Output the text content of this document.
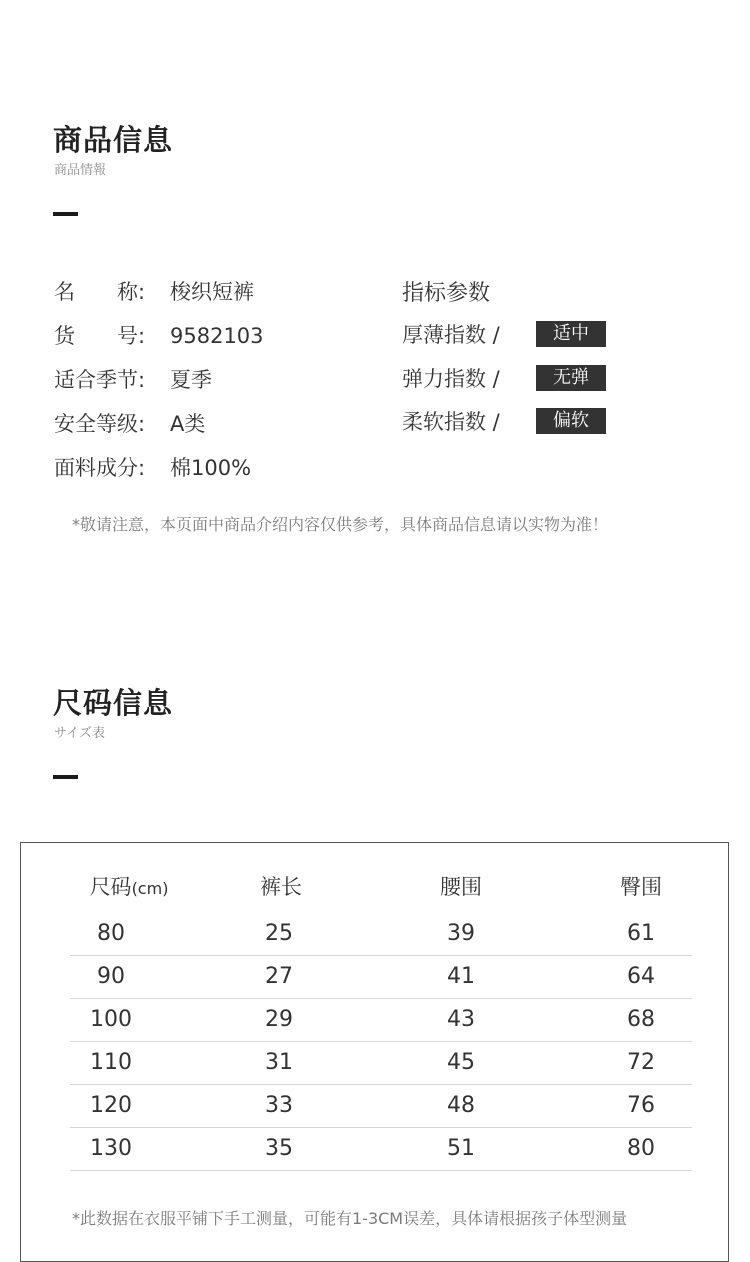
商品信息
商品情報
名　　称: 梭织短裤
货　　号: 9582103
适合季节: 夏季
安全等级: A类
面料成分: 棉100%
指标参数
厚薄指数 /	适中
弹力指数 /	无弹
柔软指数 /	偏软
*敬请注意，本页面中商品介绍内容仅供参考，具体商品信息请以实物为准！
尺码信息
サイズ表
尺码(cm)	裤长	腰围	臀围
80	25	39	61
90	27	41	64
100	29	43	68
110	31	45	72
120	33	48	76
130	35	51	80
*此数据在衣服平铺下手工测量，可能有1-3CM误差，具体请根据孩子体型测量
